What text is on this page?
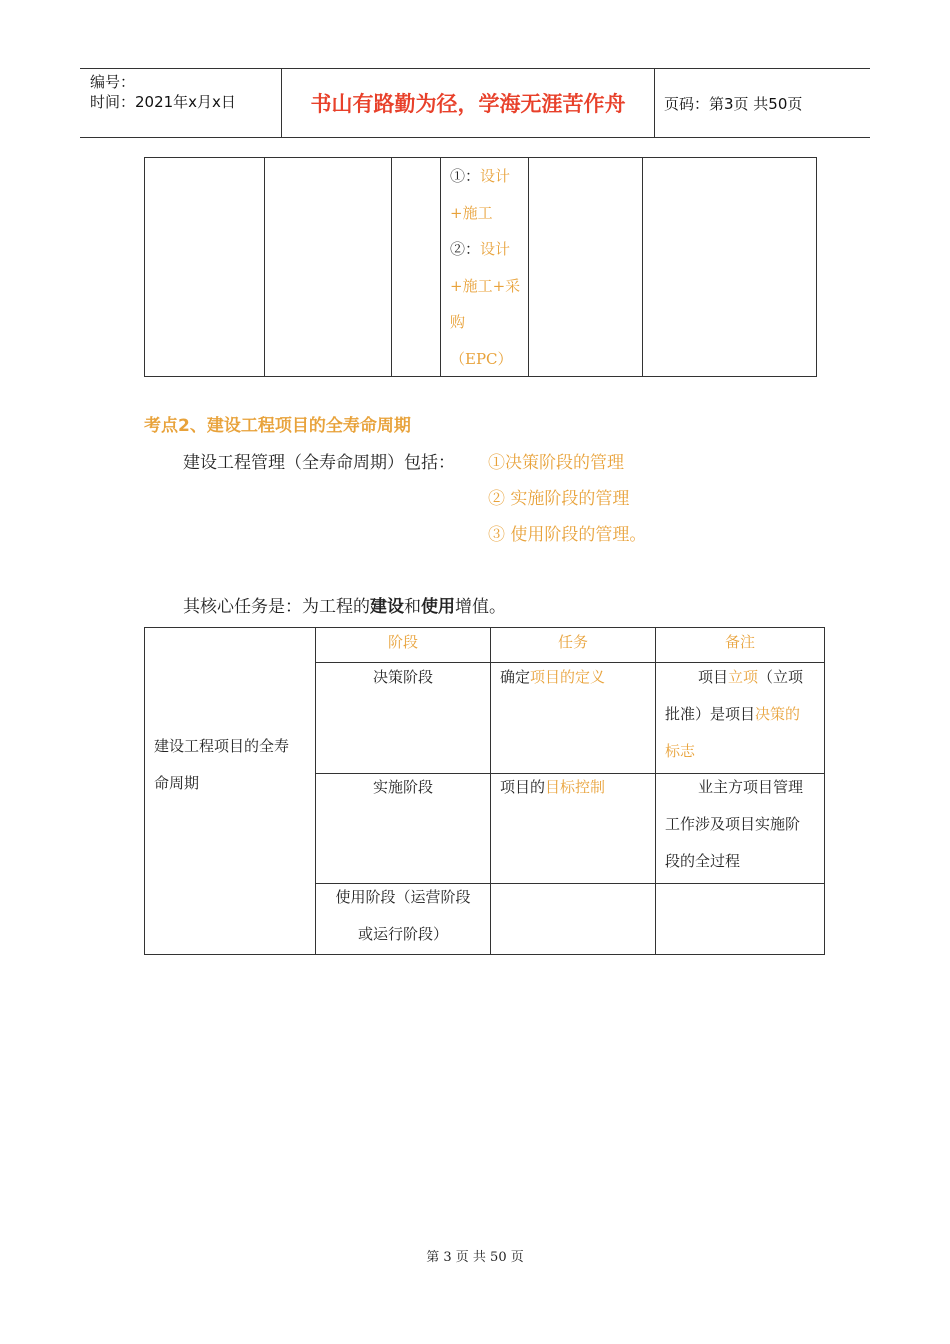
编号：
时间：2021年x月x日	书山有路勤为径，学海无涯苦作舟	页码：第3页 共50页
①：设计
+施工
②：设计
+施工+采
购
（EPC）
考点2、建设工程项目的全寿命周期
建设工程管理（全寿命周期）包括： ①决策阶段的管理
② 实施阶段的管理
③ 使用阶段的管理。
其核心任务是：为工程的建设和使用增值。
建设工程项目的全寿
命周期
阶段	任务	备注
决策阶段	确定项目的定义	项目立项（立项
批准）是项目决策的
标志
实施阶段	项目的目标控制	业主方项目管理
工作涉及项目实施阶
段的全过程
使用阶段（运营阶段
或运行阶段）
第 3 页 共 50 页
